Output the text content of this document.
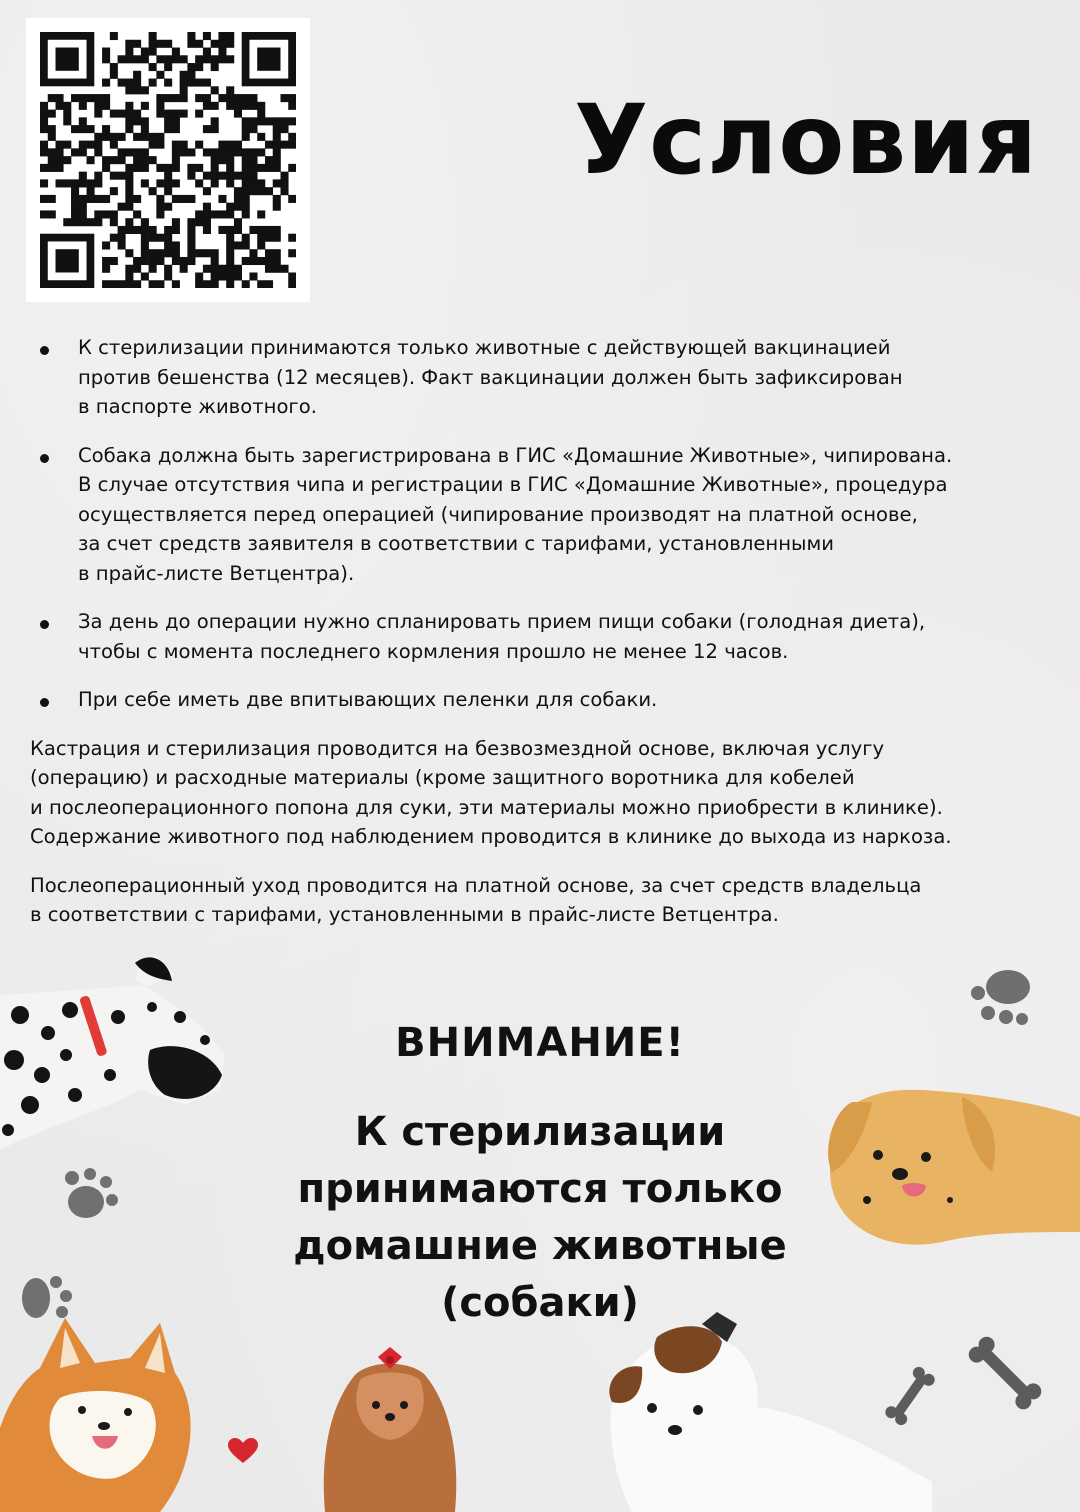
Условия
К стерилизации принимаются только животные с действующей вакцинацией
против бешенства (12 месяцев). Факт вакцинации должен быть зафиксирован
в паспорте животного.
Собака должна быть зарегистрирована в ГИС «Домашние Животные», чипирована.
В случае отсутствия чипа и регистрации в ГИС «Домашние Животные», процедура
осуществляется перед операцией (чипирование производят на платной основе,
за счет средств заявителя в соответствии с тарифами, установленными
в прайс-листе Ветцентра).
За день до операции нужно спланировать прием пищи собаки (голодная диета),
чтобы с момента последнего кормления прошло не менее 12 часов.
При себе иметь две впитывающих пеленки для собаки.

Кастрация и стерилизация проводится на безвозмездной основе, включая услугу
(операцию) и расходные материалы (кроме защитного воротника для кобелей
и послеоперационного попона для суки, эти материалы можно приобрести в клинике).
Содержание животного под наблюдением проводится в клинике до выхода из наркоза.

Послеоперационный уход проводится на платной основе, за счет средств владельца
в соответствии с тарифами, установленными в прайс-листе Ветцентра.

ВНИМАНИЕ!
К стерилизации
принимаются только
домашние животные
(собаки)
